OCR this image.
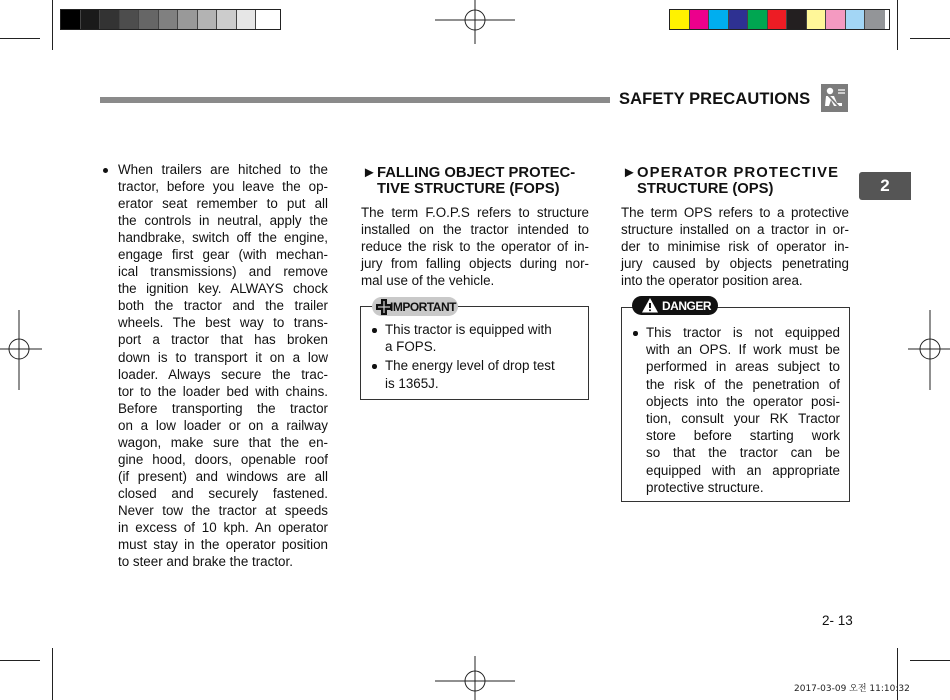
SAFETY PRECAUTIONS
2
When trailers are hitched to the
tractor, before you leave the op-
erator seat remember to put all
the controls in neutral, apply the
handbrake, switch off the engine,
engage first gear (with mechan-
ical transmissions) and remove
the ignition key. ALWAYS chock
both the tractor and the trailer
wheels. The best way to trans-
port a tractor that has broken
down is to transport it on a low
loader. Always secure the trac-
tor to the loader bed with chains.
Before transporting the tractor
on a low loader or on a railway
wagon, make sure that the en-
gine hood, doors, openable roof
(if present) and windows are all
closed and securely fastened.
Never tow the tractor at speeds
in excess of 10 kph. An operator
must stay in the operator position
to steer and brake the tractor.
► FALLING OBJECT PROTEC-
TIVE STRUCTURE (FOPS)
The term F.O.P.S refers to structure
installed on the tractor intended to
reduce the risk to the operator of in-
jury from falling objects during nor-
mal use of the vehicle.
This tractor is equipped with
a FOPS.
The energy level of drop test
is 1365J.
IMPORTANT
► OPERATOR PROTECTIVE
STRUCTURE (OPS)
The term OPS refers to a protective
structure installed on a tractor in or-
der to minimise risk of operator in-
jury caused by objects penetrating
into the operator position area.
This tractor is not equipped
with an OPS. If work must be
performed in areas subject to
the risk of the penetration of
objects into the operator posi-
tion, consult your RK Tractor
store before starting work
so that the tractor can be
equipped with an appropriate
protective structure.
DANGER
2- 13
2017-03-09 오전 11:10:32
